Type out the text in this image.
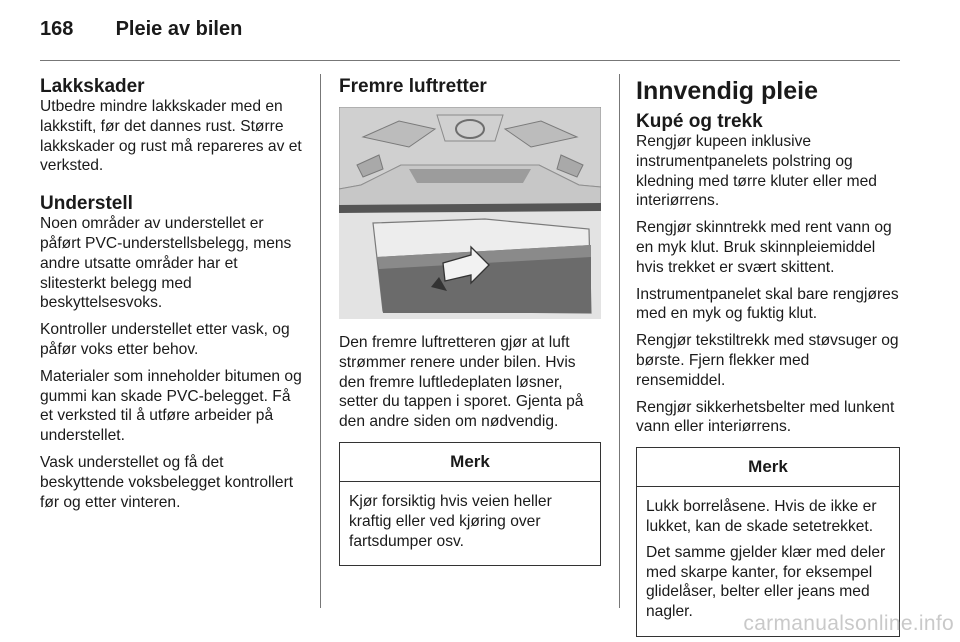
168 Pleie av bilen
Lakkskader

Utbedre mindre lakkskader med en lakkstift, før det dannes rust. Større lakkskader og rust må repareres av et verksted.

Understell

Noen områder av understellet er påført PVC-understellsbelegg, mens andre utsatte områder har et slitesterkt belegg med beskyttelsesvoks.

Kontroller understellet etter vask, og påfør voks etter behov.

Materialer som inneholder bitumen og gummi kan skade PVC-belegget. Få et verksted til å utføre arbeider på understellet.

Vask understellet og få det beskyttende voksbelegget kontrollert før og etter vinteren.

Fremre luftretter

Den fremre luftretteren gjør at luft strømmer renere under bilen. Hvis den fremre luftledeplaten løsner, setter du tappen i sporet. Gjenta på den andre siden om nødvendig.

Merk

Kjør forsiktig hvis veien heller kraftig eller ved kjøring over fartsdumper osv.

Innvendig pleie
Kupé og trekk

Rengjør kupeen inklusive instrumentpanelets polstring og kledning med tørre kluter eller med interiørrens.

Rengjør skinntrekk med rent vann og en myk klut. Bruk skinnpleiemiddel hvis trekket er svært skittent.

Instrumentpanelet skal bare rengjøres med en myk og fuktig klut.

Rengjør tekstiltrekk med støvsuger og børste. Fjern flekker med rensemiddel.

Rengjør sikkerhetsbelter med lunkent vann eller interiørrens.

Merk

Lukk borrelåsene. Hvis de ikke er lukket, kan de skade setetrekket.

Det samme gjelder klær med deler med skarpe kanter, for eksempel glidelåser, belter eller jeans med nagler.

carmanualsonline.info
